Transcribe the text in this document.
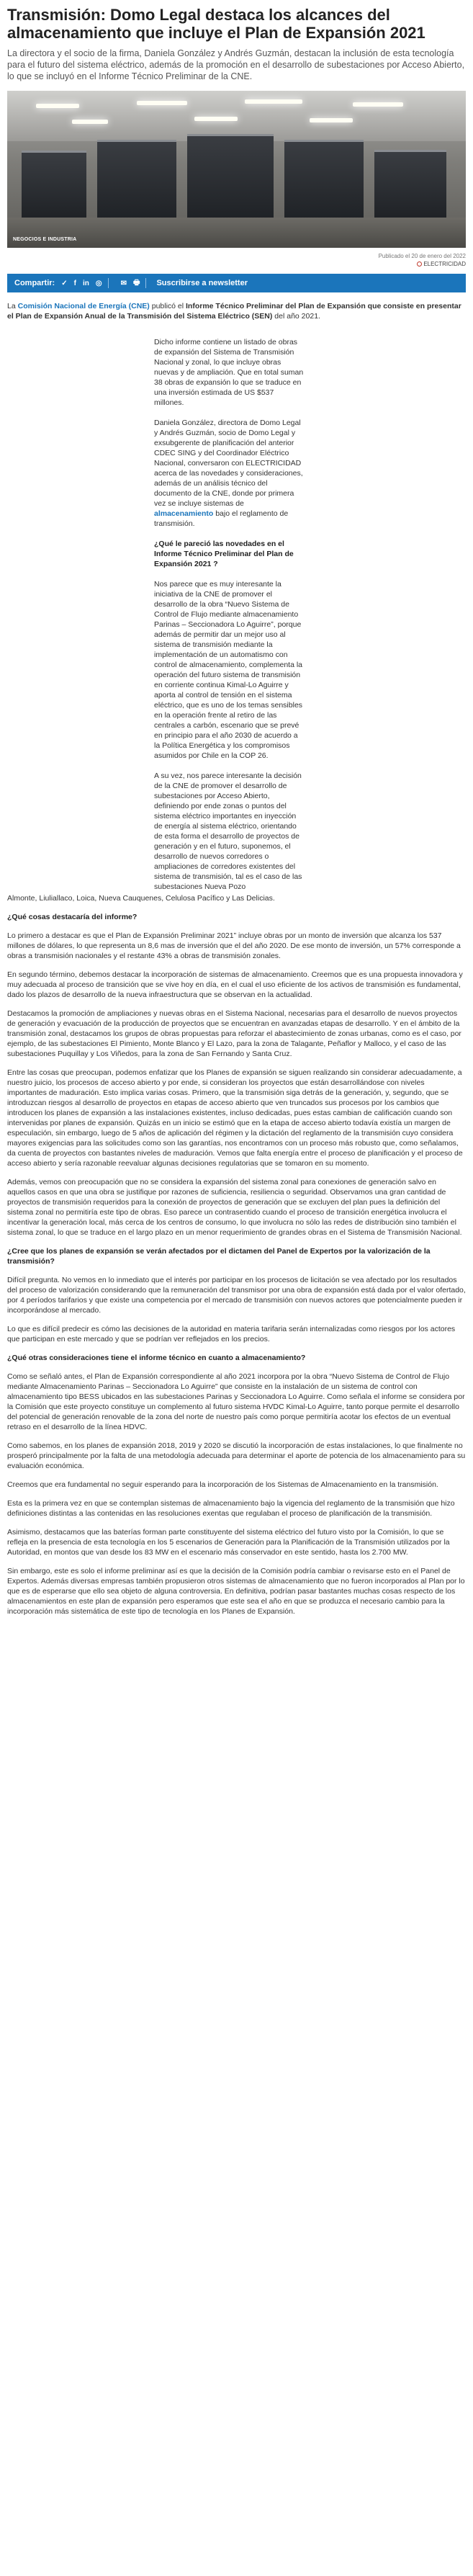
Transmisión: Domo Legal destaca los alcances del almacenamiento que incluye el Plan de Expansión 2021

La directora y el socio de la firma, Daniela González y Andrés Guzmán, destacan la inclusión de esta tecnología para el futuro del sistema eléctrico, además de la promoción en el desarrollo de subestaciones por Acceso Abierto, lo que se incluyó en el Informe Técnico Preliminar de la CNE.

NEGOCIOS E INDUSTRIA
Publicado el 20 de enero del 2022
ELECTRICIDAD
Compartir: ✓ f in ◎	✉ 🖶 Suscribirse a newsletter

La Comisión Nacional de Energía (CNE) publicó el Informe Técnico Preliminar del Plan de Expansión que consiste en presentar el Plan de Expansión Anual de la Transmisión del Sistema Eléctrico (SEN) del año 2021.

Dicho informe contiene un listado de obras de expansión del Sistema de Transmisión Nacional y zonal, lo que incluye obras nuevas y de ampliación. Que en total suman 38 obras de expansión lo que se traduce en una inversión estimada de US $537 millones.

Daniela González, directora de Domo Legal y Andrés Guzmán, socio de Domo Legal y exsubgerente de planificación del anterior CDEC SING y del Coordinador Eléctrico Nacional, conversaron con ELECTRICIDAD acerca de las novedades y consideraciones, además de un análisis técnico del documento de la CNE, donde por primera vez se incluye sistemas de almacenamiento bajo el reglamento de transmisión.

¿Qué le pareció las novedades en el Informe Técnico Preliminar del Plan de Expansión 2021 ?

Nos parece que es muy interesante la iniciativa de la CNE de promover el desarrollo de la obra “Nuevo Sistema de Control de Flujo mediante almacenamiento Parinas – Seccionadora Lo Aguirre”, porque además de permitir dar un mejor uso al sistema de transmisión mediante la implementación de un automatismo con control de almacenamiento, complementa la operación del futuro sistema de transmisión en corriente continua Kimal-Lo Aguirre y aporta al control de tensión en el sistema eléctrico, que es uno de los temas sensibles en la operación frente al retiro de las centrales a carbón, escenario que se prevé en principio para el año 2030 de acuerdo a la Política Energética y los compromisos asumidos por Chile en la COP 26.

A su vez, nos parece interesante la decisión de la CNE de promover el desarrollo de subestaciones por Acceso Abierto, definiendo por ende zonas o puntos del sistema eléctrico importantes en inyección de energía al sistema eléctrico, orientando de esta forma el desarrollo de proyectos de generación y en el futuro, suponemos, el desarrollo de nuevos corredores o ampliaciones de corredores existentes del sistema de transmisión, tal es el caso de las subestaciones Nueva Pozo

Almonte, Liuliallaco, Loica, Nueva Cauquenes, Celulosa Pacífico y Las Delicias.

¿Qué cosas destacaría del informe?

Lo primero a destacar es que el Plan de Expansión Preliminar 2021” incluye obras por un monto de inversión que alcanza los 537 millones de dólares, lo que representa un 8,6 mas de inversión que el del año 2020. De ese monto de inversión, un 57% corresponde a obras a transmisión nacionales y el restante 43% a obras de transmisión zonales.

En segundo término, debemos destacar la incorporación de sistemas de almacenamiento. Creemos que es una propuesta innovadora y muy adecuada al proceso de transición que se vive hoy en día, en el cual el uso eficiente de los activos de transmisión es fundamental, dado los plazos de desarrollo de la nueva infraestructura que se observan en la actualidad.

Destacamos la promoción de ampliaciones y nuevas obras en el Sistema Nacional, necesarias para el desarrollo de nuevos proyectos de generación y evacuación de la producción de proyectos que se encuentran en avanzadas etapas de desarrollo. Y en el ámbito de la transmisión zonal, destacamos los grupos de obras propuestas para reforzar el abastecimiento de zonas urbanas, como es el caso, por ejemplo, de las subestaciones El Pimiento, Monte Blanco y El Lazo, para la zona de Talagante, Peñaflor y Malloco, y el caso de las subestaciones Puquillay y Los Viñedos, para la zona de San Fernando y Santa Cruz.

Entre las cosas que preocupan, podemos enfatizar que los Planes de expansión se siguen realizando sin considerar adecuadamente, a nuestro juicio, los procesos de acceso abierto y por ende, si consideran los proyectos que están desarrollándose con niveles importantes de maduración. Esto implica varias cosas. Primero, que la transmisión siga detrás de la generación, y, segundo, que se introduzcan riesgos al desarrollo de proyectos en etapas de acceso abierto que ven truncados sus procesos por los cambios que introducen los planes de expansión a las instalaciones existentes, incluso dedicadas, pues estas cambian de calificación cuando son intervenidas por planes de expansión. Quizás en un inicio se estimó que en la etapa de acceso abierto todavía existía un margen de especulación, sin embargo, luego de 5 años de aplicación del régimen y la dictación del reglamento de la transmisión cuyo considera mayores exigencias para las solicitudes como son las garantías, nos encontramos con un proceso más robusto que, como señalamos, da cuenta de proyectos con bastantes niveles de maduración. Vemos que falta energía entre el proceso de planificación y el proceso de acceso abierto y sería razonable reevaluar algunas decisiones regulatorias que se tomaron en su momento.

Además, vemos con preocupación que no se considera la expansión del sistema zonal para conexiones de generación salvo en aquellos casos en que una obra se justifique por razones de suficiencia, resiliencia o seguridad. Observamos una gran cantidad de proyectos de transmisión requeridos para la conexión de proyectos de generación que se excluyen del plan pues la definición del sistema zonal no permitiría este tipo de obras. Eso parece un contrasentido cuando el proceso de transición energética involucra el incentivar la generación local, más cerca de los centros de consumo, lo que involucra no sólo las redes de distribución sino también el sistema zonal, lo que se traduce en el largo plazo en un menor requerimiento de grandes obras en el Sistema de Transmisión Nacional.

¿Cree que los planes de expansión se verán afectados por el dictamen del Panel de Expertos por la valorización de la transmisión?

Difícil pregunta. No vemos en lo inmediato que el interés por participar en los procesos de licitación se vea afectado por los resultados del proceso de valorización considerando que la remuneración del transmisor por una obra de expansión está dada por el valor ofertado, por 4 períodos tarifarios y que existe una competencia por el mercado de transmisión con nuevos actores que potencialmente pueden ir incorporándose al mercado.

Lo que es difícil predecir es cómo las decisiones de la autoridad en materia tarifaria serán internalizadas como riesgos por los actores que participan en este mercado y que se podrían ver reflejados en los precios.

¿Qué otras consideraciones tiene el informe técnico en cuanto a almacenamiento?

Como se señaló antes, el Plan de Expansión correspondiente al año 2021 incorpora por la obra “Nuevo Sistema de Control de Flujo mediante Almacenamiento Parinas – Seccionadora Lo Aguirre” que consiste en la instalación de un sistema de control con almacenamiento tipo BESS ubicados en las subestaciones Parinas y Seccionadora Lo Aguirre. Como señala el informe se considera por la Comisión que este proyecto constituye un complemento al futuro sistema HVDC Kimal-Lo Aguirre, tanto porque permite el desarrollo del potencial de generación renovable de la zona del norte de nuestro país como porque permitiría acotar los efectos de un eventual retraso en el desarrollo de la línea HDVC.

Como sabemos, en los planes de expansión 2018, 2019 y 2020 se discutió la incorporación de estas instalaciones, lo que finalmente no prosperó principalmente por la falta de una metodología adecuada para determinar el aporte de potencia de los almacenamiento para su evaluación económica.

Creemos que era fundamental no seguir esperando para la incorporación de los Sistemas de Almacenamiento en la transmisión.

Esta es la primera vez en que se contemplan sistemas de almacenamiento bajo la vigencia del reglamento de la transmisión que hizo definiciones distintas a las contenidas en las resoluciones exentas que regulaban el proceso de planificación de la transmisión.

Asimismo, destacamos que las baterías forman parte constituyente del sistema eléctrico del futuro visto por la Comisión, lo que se refleja en la presencia de esta tecnología en los 5 escenarios de Generación para la Planificación de la Transmisión utilizados por la Autoridad, en montos que van desde los 83 MW en el escenario más conservador en este sentido, hasta los 2.700 MW.

Sin embargo, este es solo el informe preliminar así es que la decisión de la Comisión podría cambiar o revisarse esto en el Panel de Expertos. Además diversas empresas también propusieron otros sistemas de almacenamiento que no fueron incorporados al Plan por lo que es de esperarse que ello sea objeto de alguna controversia. En definitiva, podrían pasar bastantes muchas cosas respecto de los almacenamientos en este plan de expansión pero esperamos que este sea el año en que se produzca el necesario cambio para la incorporación más sistemática de este tipo de tecnología en los Planes de Expansión.
